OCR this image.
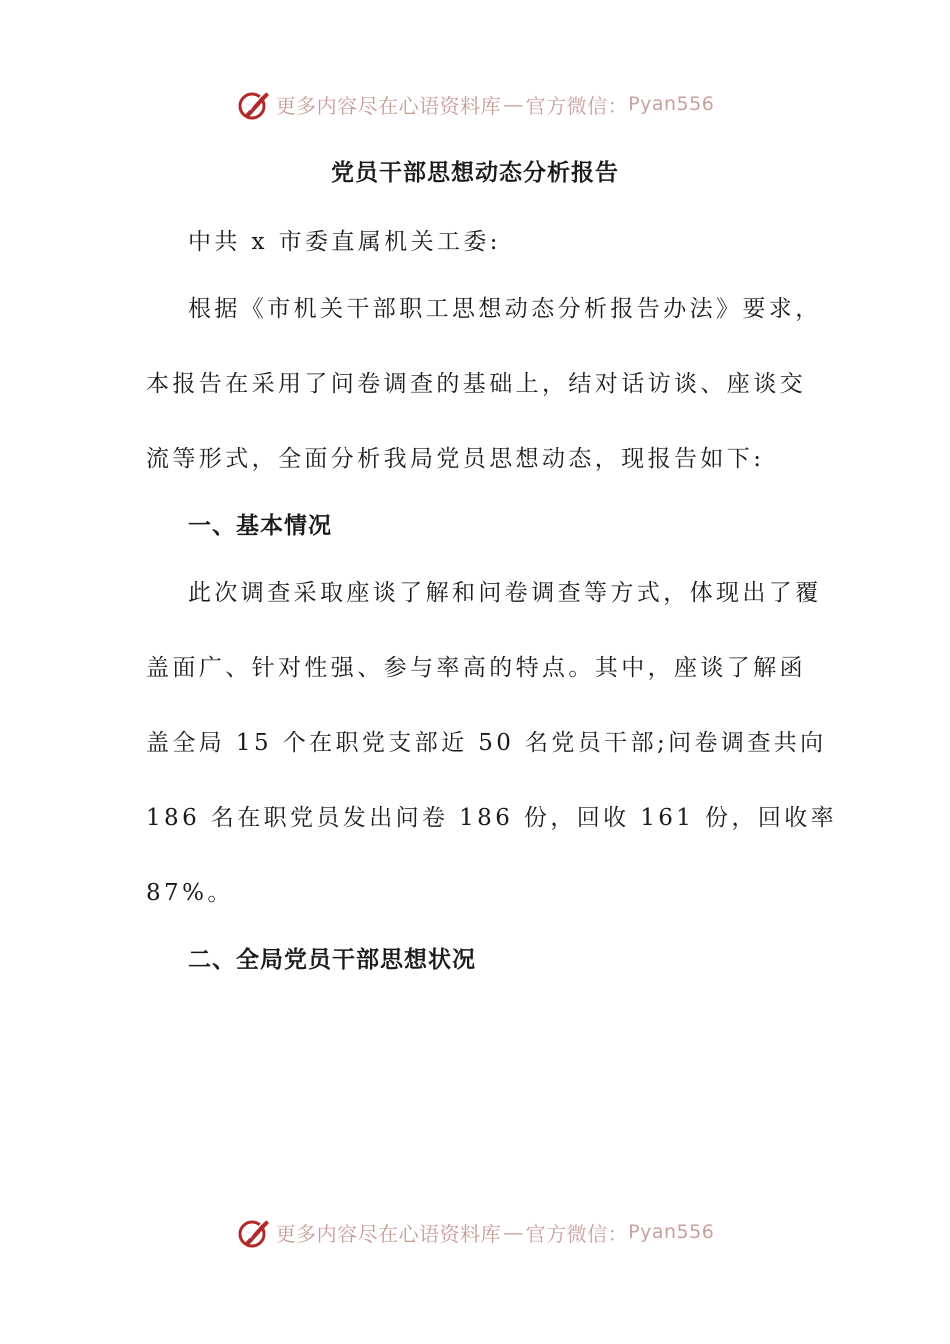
更多内容尽在心语资料库 — 官方微信： Pyan556
党员干部思想动态分析报告
中共 x 市委直属机关工委:
根据《市机关干部职工思想动态分析报告办法》要求，
本报告在采用了问卷调查的基础上，结对话访谈、座谈交
流等形式，全面分析我局党员思想动态，现报告如下:
一、基本情况
此次调查采取座谈了解和问卷调查等方式，体现出了覆
盖面广、针对性强、参与率高的特点。其中，座谈了解函
盖全局 15 个在职党支部近 50 名党员干部;问卷调查共向
186 名在职党员发出问卷 186 份，回收 161 份，回收率
87%。
二、全局党员干部思想状况
更多内容尽在心语资料库 — 官方微信： Pyan556
